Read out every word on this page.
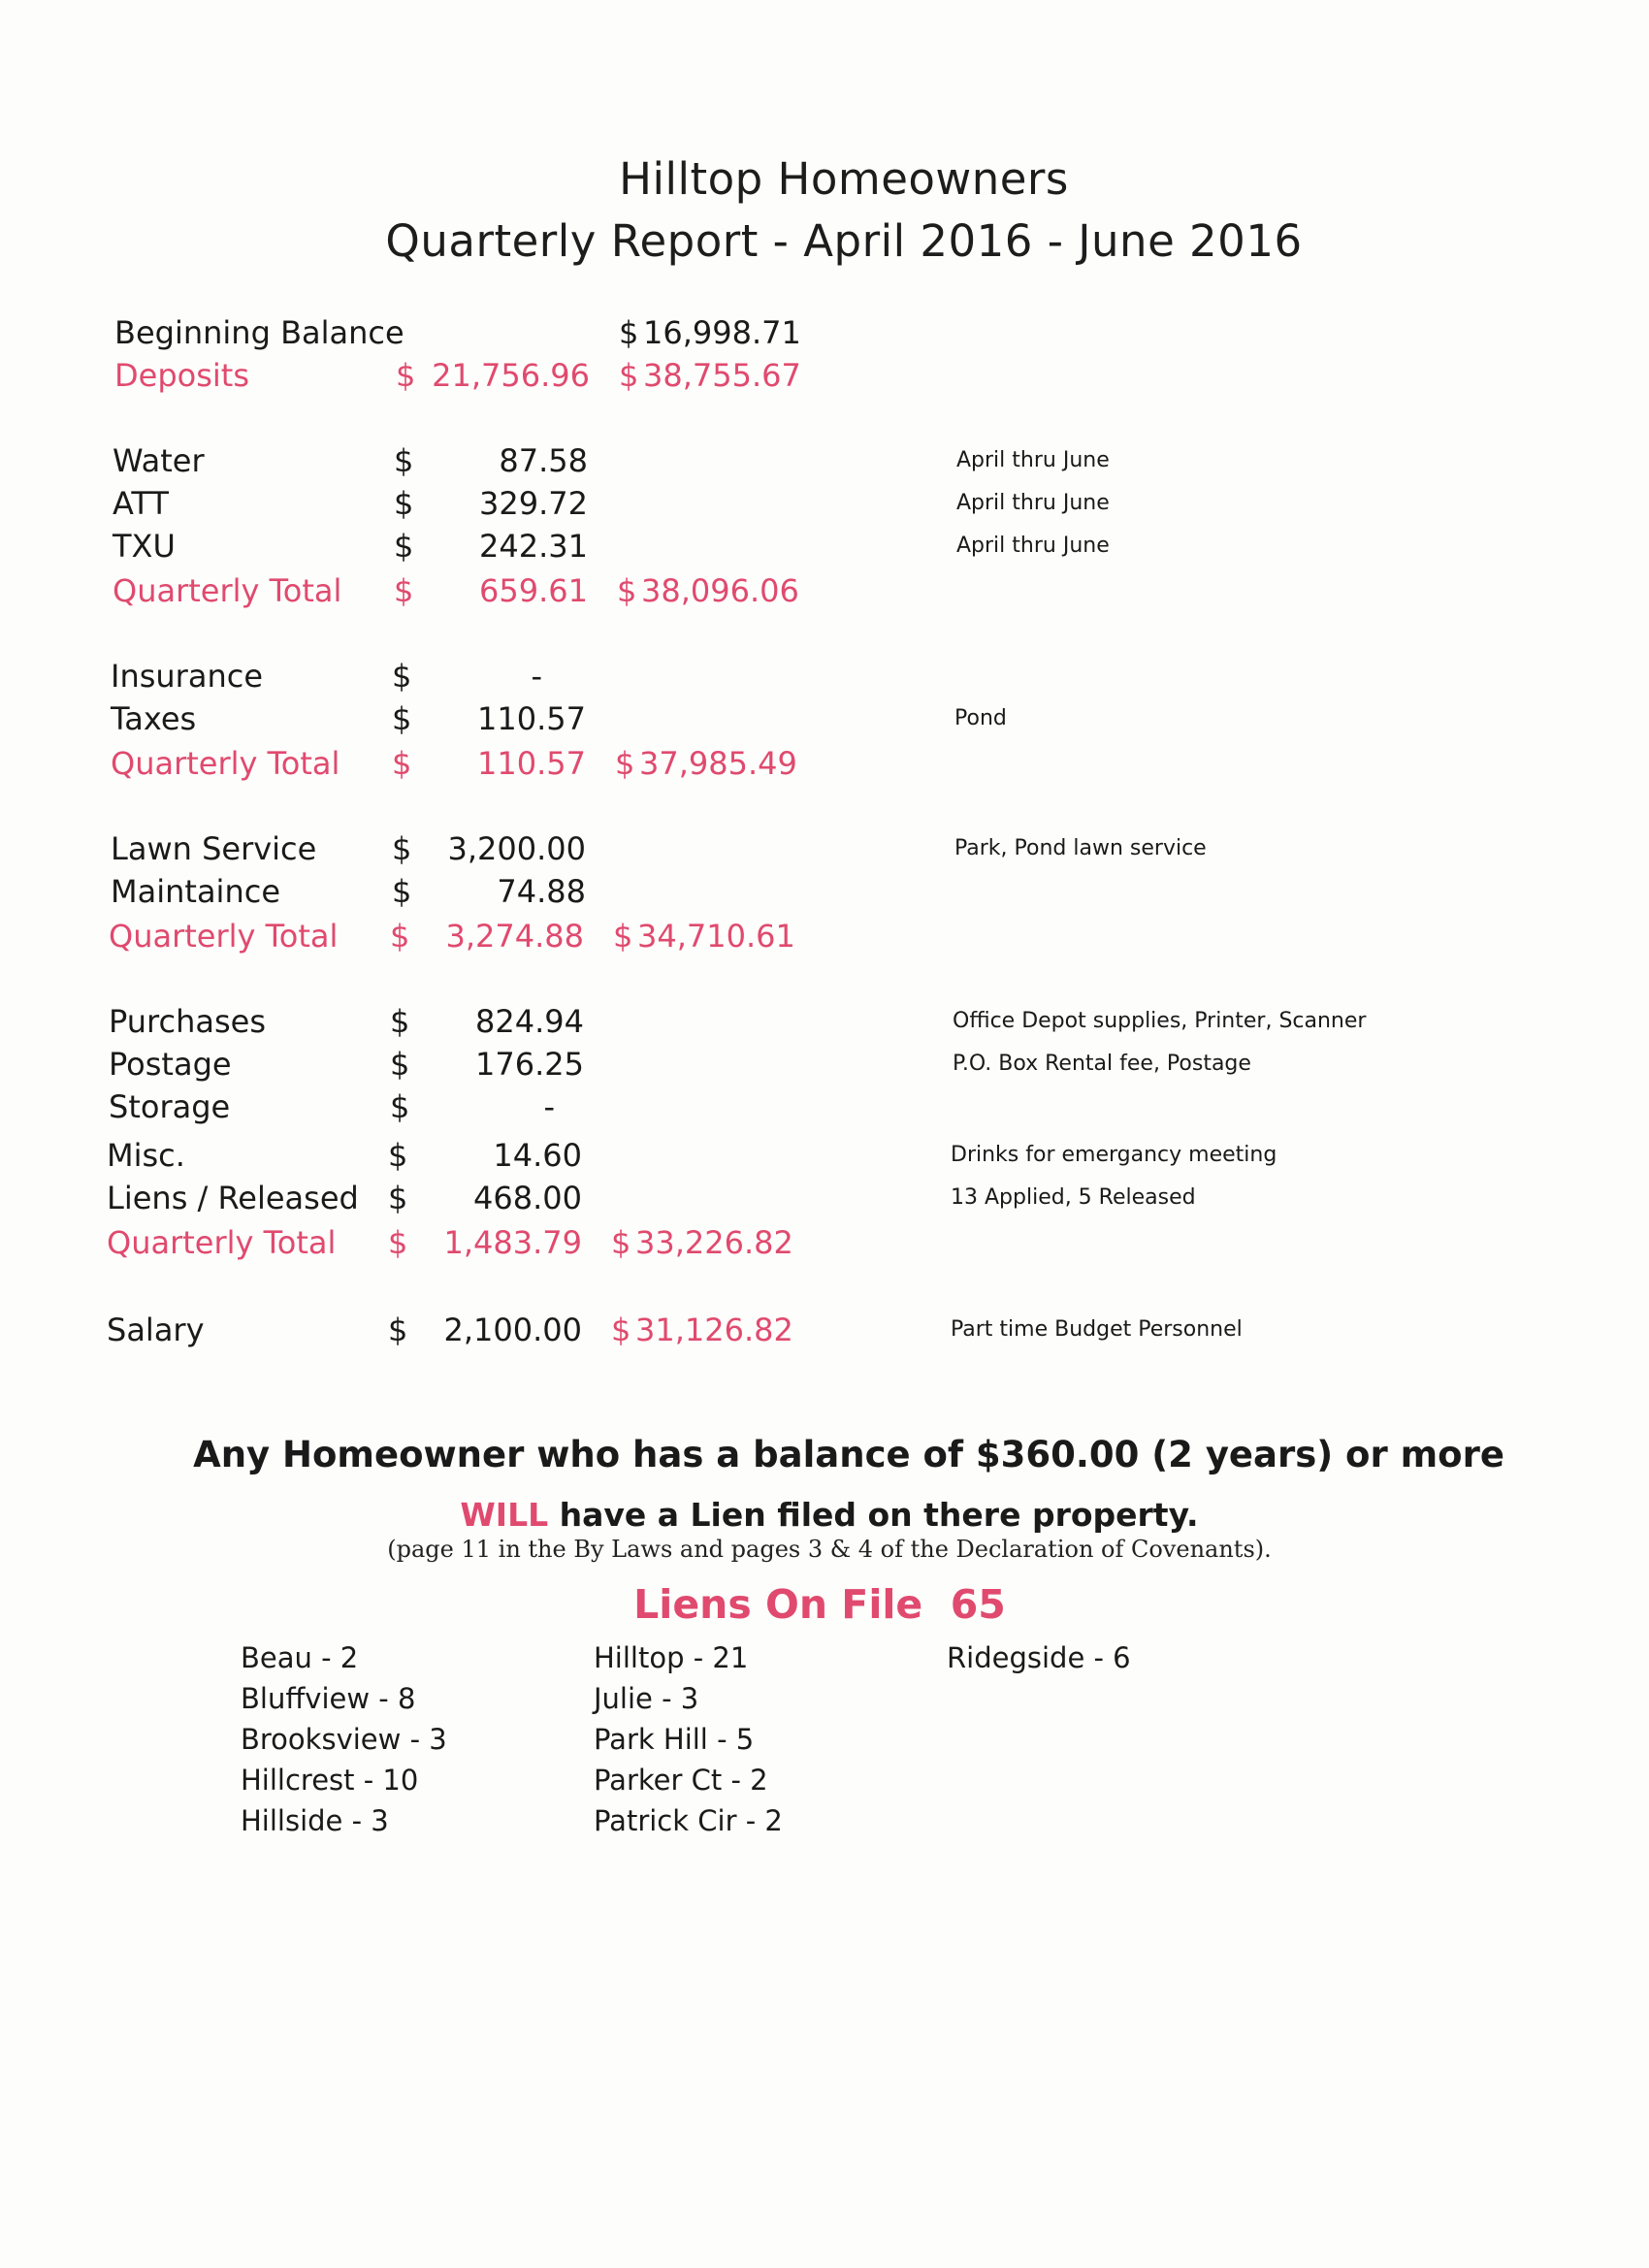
Hilltop Homeowners
Quarterly Report - April 2016 - June 2016
Beginning Balance	$ 16,998.71
Deposits	$ 21,756.96 $ 38,755.67
Water	$	87.58	April thru June
ATT	$	329.72	April thru June
TXU	$	242.31	April thru June
Quarterly Total $	659.61 $ 38,096.06
Insurance	$	-
Taxes	$	110.57	Pond
Quarterly Total $	110.57 $ 37,985.49
Lawn Service $	3,200.00	Park, Pond lawn service
Maintaince	$	74.88
Quarterly Total $	3,274.88 $ 34,710.61
Purchases	$	824.94	Office Depot supplies, Printer, Scanner
Postage	$	176.25	P.O. Box Rental fee, Postage
Storage	$	-
Misc.	$	14.60	Drinks for emergancy meeting
Liens / Released $	468.00	13 Applied, 5 Released
Quarterly Total $	1,483.79 $ 33,226.82
Salary	$	2,100.00 $ 31,126.82	Part time Budget Personnel
Any Homeowner who has a balance of $360.00 (2 years) or more
WILL have a Lien filed on there property.
(page 11 in the By Laws and pages 3 & 4 of the Declaration of Covenants).
Liens On File  65
Beau - 2
Bluffview - 8
Brooksview - 3
Hillcrest - 10
Hillside - 3
Hilltop - 21
Julie - 3
Park Hill - 5
Parker Ct - 2
Patrick Cir - 2
Ridegside - 6
